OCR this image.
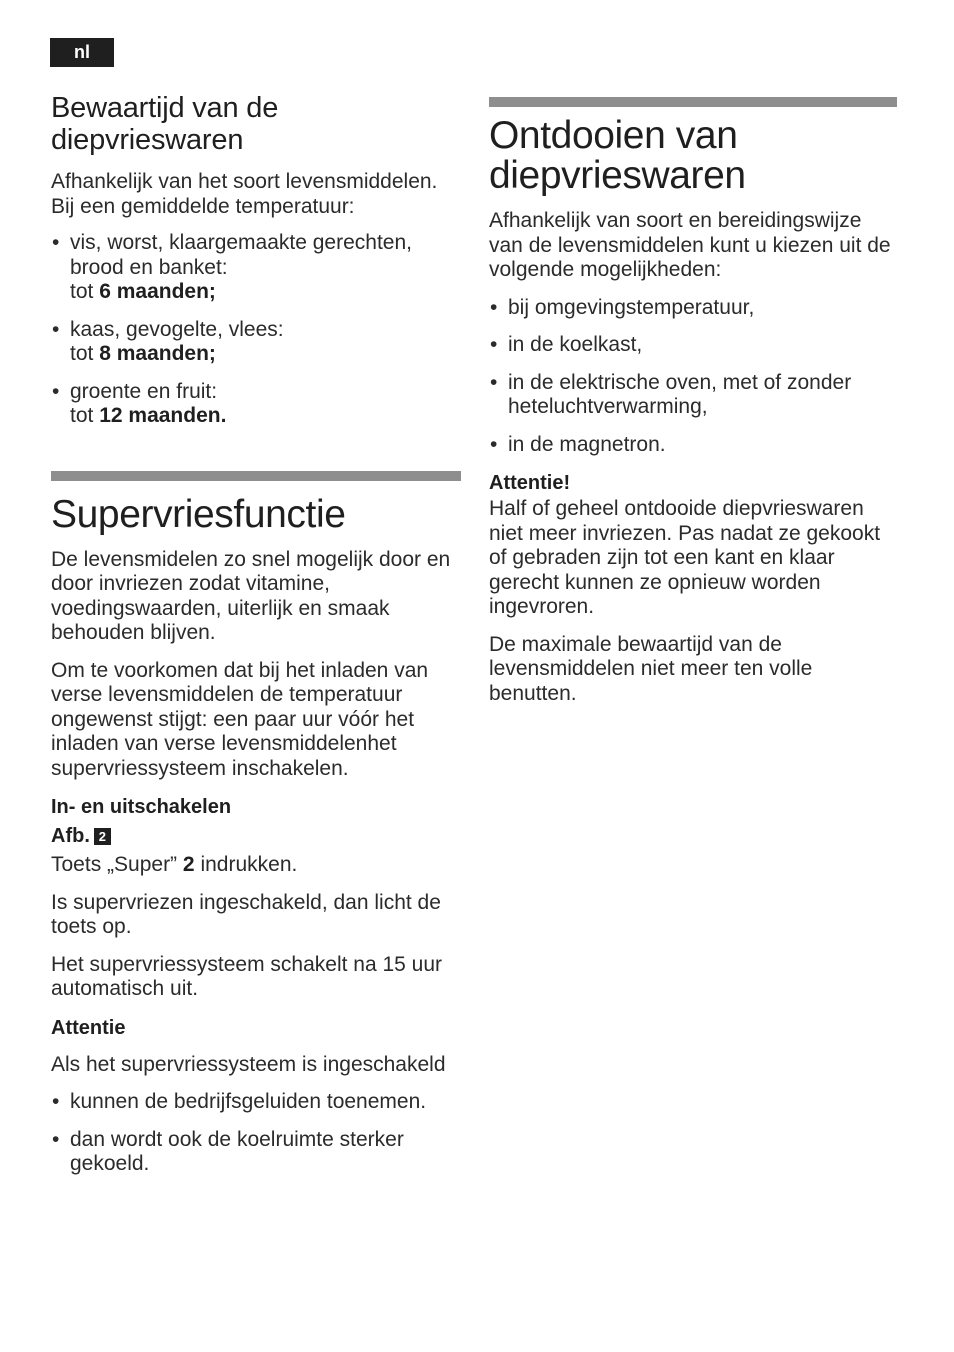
nl
Bewaartijd van de diepvrieswaren

Afhankelijk van het soort levensmiddelen. Bij een gemiddelde temperatuur:

• vis, worst, klaargemaakte gerechten, brood en banket:
tot 6 maanden;
• kaas, gevogelte, vlees:
tot 8 maanden;
• groente en fruit:
tot 12 maanden.
Supervriesfunctie

De levensmidelen zo snel mogelijk door en door invriezen zodat vitamine, voedingswaarden, uiterlijk en smaak behouden blijven.

Om te voorkomen dat bij het inladen van verse levensmiddelen de temperatuur ongewenst stijgt: een paar uur vóór het inladen van verse levensmiddelenhet supervriessysteem inschakelen.

In- en uitschakelen

Afb. 2

Toets „Super” 2 indrukken.

Is supervriezen ingeschakeld, dan licht de toets op.

Het supervriessysteem schakelt na 15 uur automatisch uit.

Attentie

Als het supervriessysteem is ingeschakeld

• kunnen de bedrijfsgeluiden toenemen.
• dan wordt ook de koelruimte sterker gekoeld.
Ontdooien van diepvrieswaren

Afhankelijk van soort en bereidingswijze van de levensmiddelen kunt u kiezen uit de volgende mogelijkheden:

• bij omgevingstemperatuur,
• in de koelkast,
• in de elektrische oven, met of zonder heteluchtverwarming,
• in de magnetron.

Attentie!

Half of geheel ontdooide diepvrieswaren niet meer invriezen. Pas nadat ze gekookt of gebraden zijn tot een kant en klaar gerecht kunnen ze opnieuw worden ingevroren.

De maximale bewaartijd van de levensmiddelen niet meer ten volle benutten.
